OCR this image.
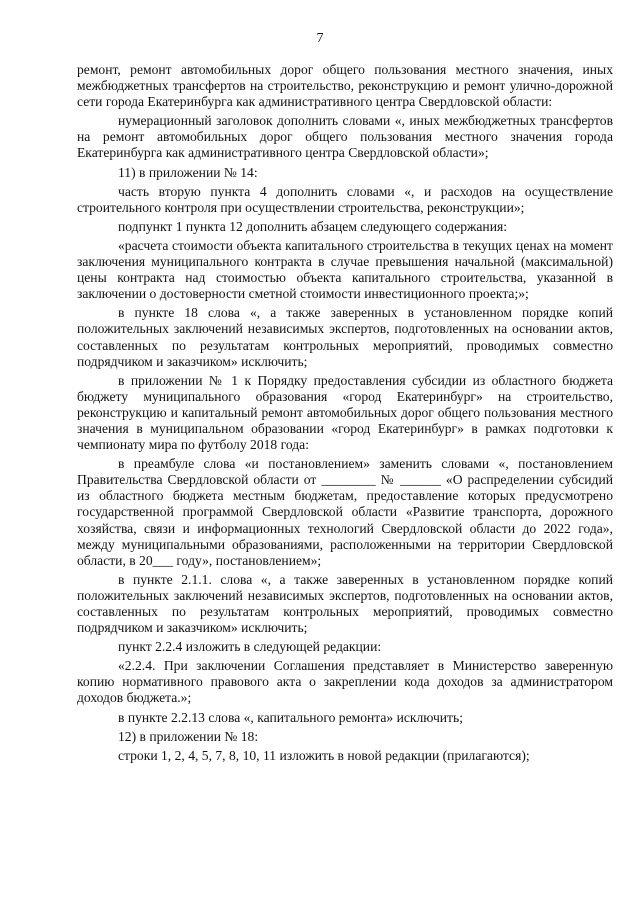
7

ремонт, ремонт автомобильных дорог общего пользования местного значения, иных межбюджетных трансфертов на строительство, реконструкцию и ремонт улично-дорожной сети города Екатеринбурга как административного центра Свердловской области:

нумерационный заголовок дополнить словами «, иных межбюджетных трансфертов на ремонт автомобильных дорог общего пользования местного значения города Екатеринбурга как административного центра Свердловской области»;

11) в приложении № 14:

часть вторую пункта 4 дополнить словами «, и расходов на осуществление строительного контроля при осуществлении строительства, реконструкции»;

подпункт 1 пункта 12 дополнить абзацем следующего содержания:

«расчета стоимости объекта капитального строительства в текущих ценах на момент заключения муниципального контракта в случае превышения начальной (максимальной) цены контракта над стоимостью объекта капитального строительства, указанной в заключении о достоверности сметной стоимости инвестиционного проекта;»;

в пункте 18 слова «, а также заверенных в установленном порядке копий положительных заключений независимых экспертов, подготовленных на основании актов, составленных по результатам контрольных мероприятий, проводимых совместно подрядчиком и заказчиком» исключить;

в приложении № 1 к Порядку предоставления субсидии из областного бюджета бюджету муниципального образования «город Екатеринбург» на строительство, реконструкцию и капитальный ремонт автомобильных дорог общего пользования местного значения в муниципальном образовании «город Екатеринбург» в рамках подготовки к чемпионату мира по футболу 2018 года:

в преамбуле слова «и постановлением» заменить словами «, постановлением Правительства Свердловской области от ________ № ______ «О распределении субсидий из областного бюджета местным бюджетам, предоставление которых предусмотрено государственной программой Свердловской области «Развитие транспорта, дорожного хозяйства, связи и информационных технологий Свердловской области до 2022 года», между муниципальными образованиями, расположенными на территории Свердловской области, в 20___ году», постановлением»;

в пункте 2.1.1. слова «, а также заверенных в установленном порядке копий положительных заключений независимых экспертов, подготовленных на основании актов, составленных по результатам контрольных мероприятий, проводимых совместно подрядчиком и заказчиком» исключить;

пункт 2.2.4 изложить в следующей редакции:

«2.2.4. При заключении Соглашения представляет в Министерство заверенную копию нормативного правового акта о закреплении кода доходов за администратором доходов бюджета.»;

в пункте 2.2.13 слова «, капитального ремонта» исключить;

12) в приложении № 18:

строки 1, 2, 4, 5, 7, 8, 10, 11 изложить в новой редакции (прилагаются);
